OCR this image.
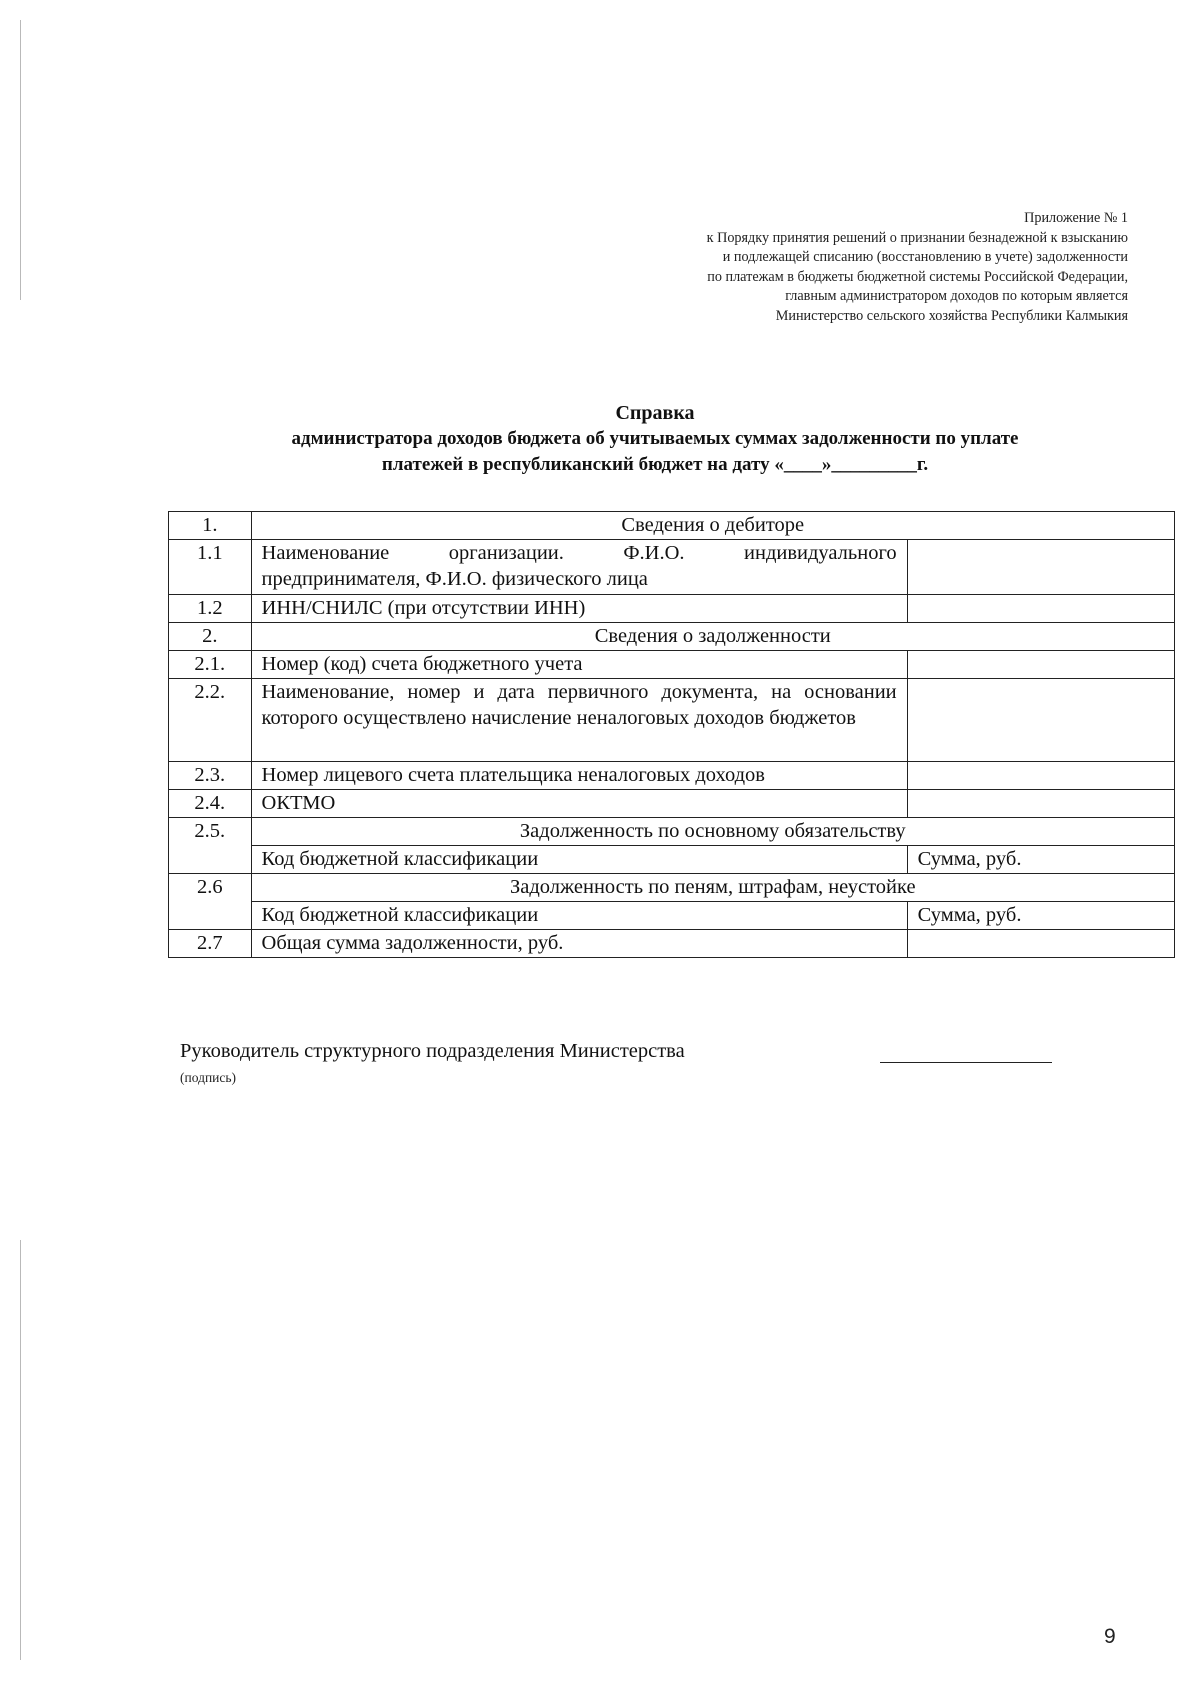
Приложение № 1
к Порядку принятия решений о признании безнадежной к взысканию
и подлежащей списанию (восстановлению в учете) задолженности
по платежам в бюджеты бюджетной системы Российской Федерации,
главным администратором доходов по которым является
Министерство сельского хозяйства Республики Калмыкия
Справка
администратора доходов бюджета об учитываемых суммах задолженности по уплате
платежей в республиканский бюджет на дату «____»_________г.
1.	Сведения о дебиторе	
1.1	Наименование организации. Ф.И.О. индивидуального предпринимателя, Ф.И.О. физического лица	
1.2	ИНН/СНИЛС (при отсутствии ИНН)	
2.	Сведения о задолженности	
2.1.	Номер (код) счета бюджетного учета	
2.2.	Наименование, номер и дата первичного документа, на основании которого осуществлено начисление неналоговых доходов бюджетов	
2.3.	Номер лицевого счета плательщика неналоговых доходов	
2.4.	ОКТМО	
2.5.	Задолженность по основному обязательству	
	Код бюджетной классификации	Сумма, руб.
2.6	Задолженность по пеням, штрафам, неустойке	
	Код бюджетной классификации	Сумма, руб.
2.7	Общая сумма задолженности, руб.	
Руководитель структурного подразделения Министерства
(подпись)
9
